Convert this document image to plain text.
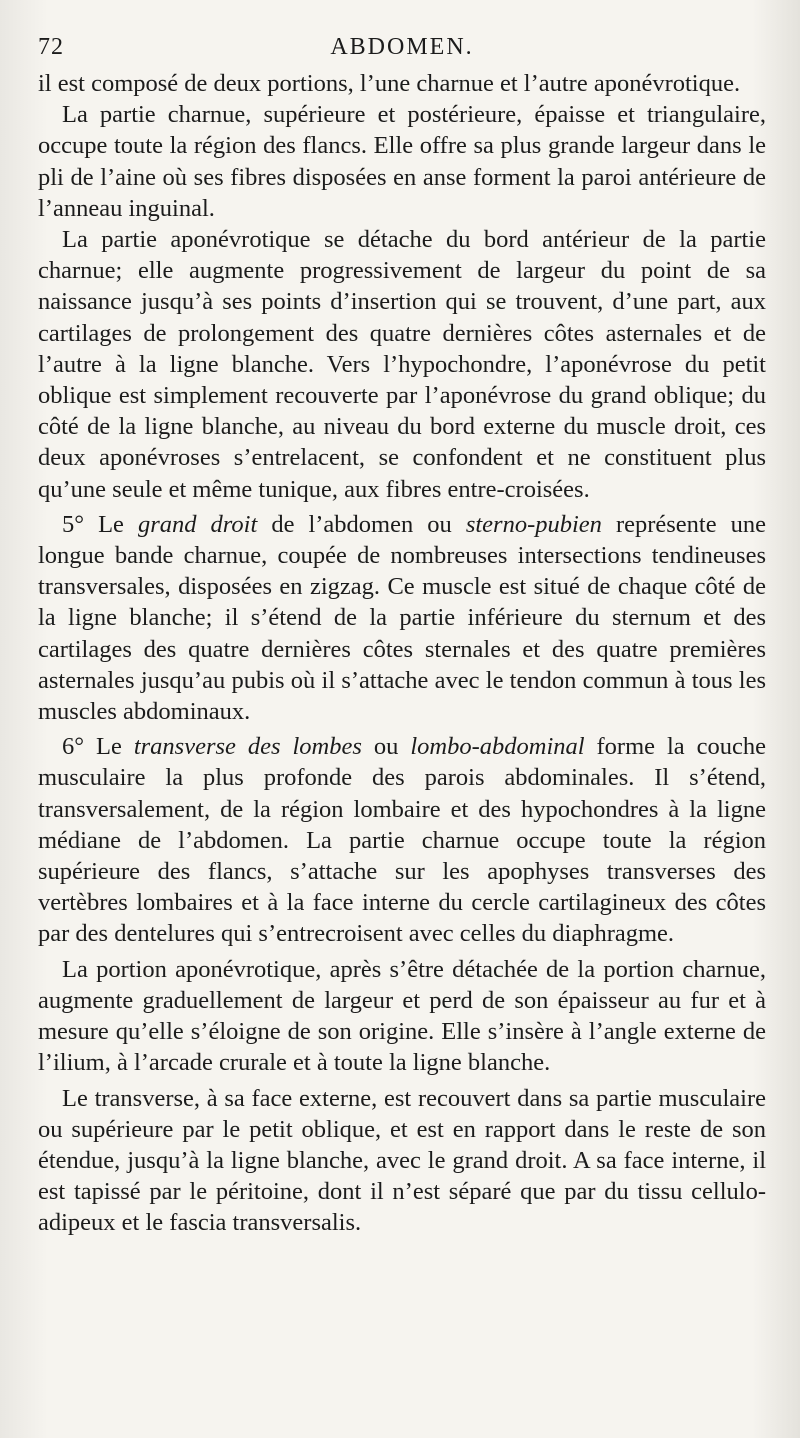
72	ABDOMEN.

il est composé de deux portions, l’une charnue et l’autre aponévrotique.

La partie charnue, supérieure et postérieure, épaisse et triangulaire, occupe toute la région des flancs. Elle offre sa plus grande largeur dans le pli de l’aine où ses fibres disposées en anse forment la paroi antérieure de l’anneau inguinal.

La partie aponévrotique se détache du bord antérieur de la partie charnue; elle augmente progressivement de largeur du point de sa naissance jusqu’à ses points d’insertion qui se trouvent, d’une part, aux cartilages de prolongement des quatre dernières côtes asternales et de l’autre à la ligne blanche. Vers l’hypochondre, l’aponévrose du petit oblique est simplement recouverte par l’aponévrose du grand oblique; du côté de la ligne blanche, au niveau du bord externe du muscle droit, ces deux aponévroses s’entrelacent, se confondent et ne constituent plus qu’une seule et même tunique, aux fibres entre-croisées.

5° Le grand droit de l’abdomen ou sterno-pubien représente une longue bande charnue, coupée de nombreuses intersections tendineuses transversales, disposées en zigzag. Ce muscle est situé de chaque côté de la ligne blanche; il s’étend de la partie inférieure du sternum et des cartilages des quatre dernières côtes sternales et des quatre premières asternales jusqu’au pubis où il s’attache avec le tendon commun à tous les muscles abdominaux.

6° Le transverse des lombes ou lombo-abdominal forme la couche musculaire la plus profonde des parois abdominales. Il s’étend, transversalement, de la région lombaire et des hypochondres à la ligne médiane de l’abdomen. La partie charnue occupe toute la région supérieure des flancs, s’attache sur les apophyses transverses des vertèbres lombaires et à la face interne du cercle cartilagineux des côtes par des dentelures qui s’entrecroisent avec celles du diaphragme.

La portion aponévrotique, après s’être détachée de la portion charnue, augmente graduellement de largeur et perd de son épaisseur au fur et à mesure qu’elle s’éloigne de son origine. Elle s’insère à l’angle externe de l’ilium, à l’arcade crurale et à toute la ligne blanche.

Le transverse, à sa face externe, est recouvert dans sa partie musculaire ou supérieure par le petit oblique, et est en rapport dans le reste de son étendue, jusqu’à la ligne blanche, avec le grand droit. A sa face interne, il est tapissé par le péritoine, dont il n’est séparé que par du tissu cellulo-adipeux et le fascia transversalis.
